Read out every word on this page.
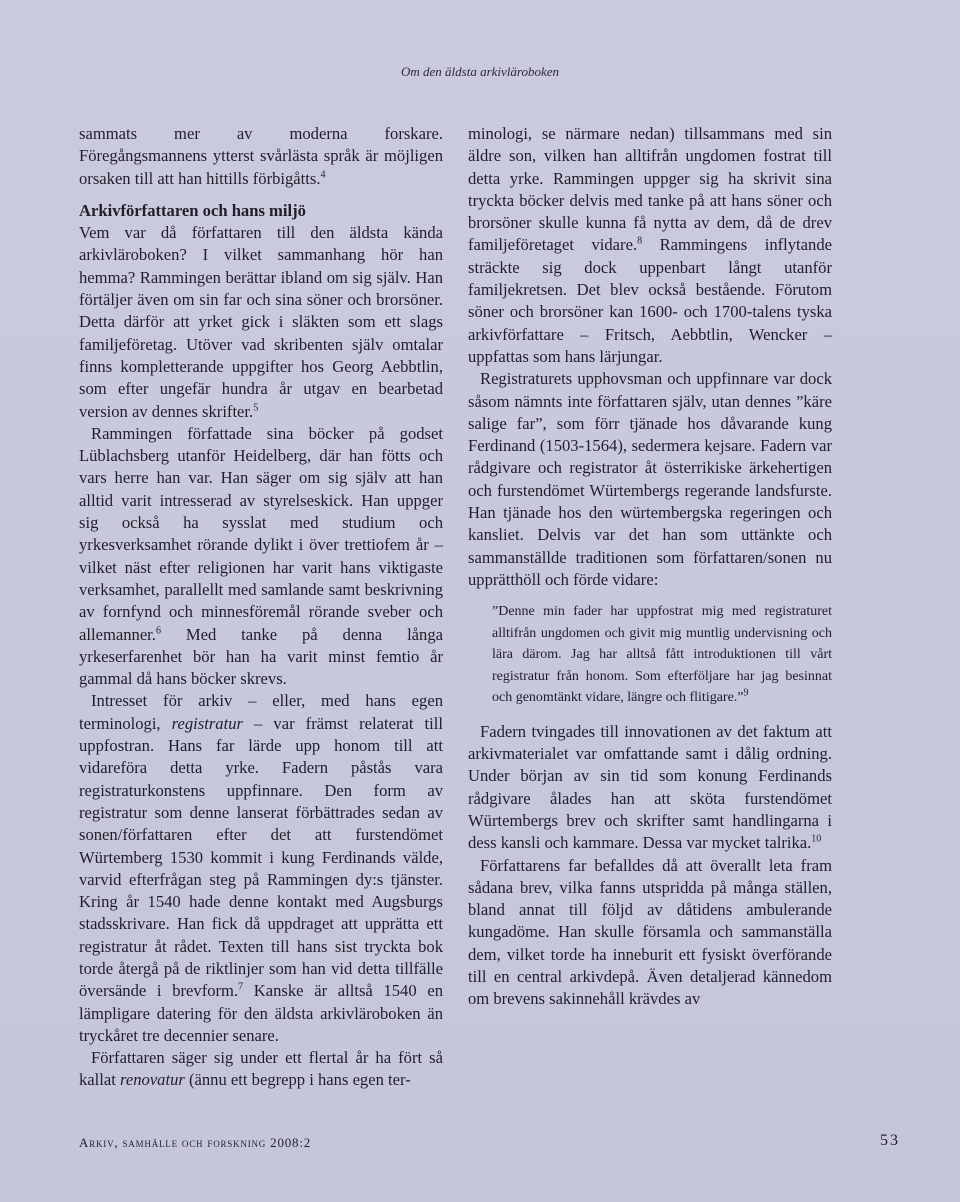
Om den äldsta arkivläroboken

sammats mer av moderna forskare. Föregångsmannens ytterst svårlästa språk är möjligen orsaken till att han hittills förbigåtts.$^4$

Arkivförfattaren och hans miljö

Vem var då författaren till den äldsta kända arkivläroboken? I vilket sammanhang hör han hemma? Rammingen berättar ibland om sig själv. Han förtäljer även om sin far och sina söner och brorsöner. Detta därför att yrket gick i släkten som ett slags familjeföretag. Utöver vad skribenten själv omtalar finns kompletterande uppgifter hos Georg Aebbtlin, som efter ungefär hundra år utgav en bearbetad version av dennes skrifter.$^5$

Rammingen författade sina böcker på godset Lüblachsberg utanför Heidelberg, där han fötts och vars herre han var. Han säger om sig själv att han alltid varit intresserad av styrelseskick. Han uppger sig också ha sysslat med studium och yrkesverksamhet rörande dylikt i över trettiofem år – vilket näst efter religionen har varit hans viktigaste verksamhet, parallellt med samlande samt beskrivning av fornfynd och minnesföremål rörande sveber och allemanner.$^6$ Med tanke på denna långa yrkeserfarenhet bör han ha varit minst femtio år gammal då hans böcker skrevs.

Intresset för arkiv – eller, med hans egen terminologi, registratur – var främst relaterat till uppfostran. Hans far lärde upp honom till att vidareföra detta yrke. Fadern påstås vara registraturkonstens uppfinnare. Den form av registratur som denne lanserat förbättrades sedan av sonen/författaren efter det att furstendömet Würtemberg 1530 kommit i kung Ferdinands välde, varvid efterfrågan steg på Rammingen dy:s tjänster. Kring år 1540 hade denne kontakt med Augsburgs stadsskrivare. Han fick då uppdraget att upprätta ett registratur åt rådet. Texten till hans sist tryckta bok torde återgå på de riktlinjer som han vid detta tillfälle översände i brevform.$^7$ Kanske är alltså 1540 en lämpligare datering för den äldsta arkivläroboken än tryckåret tre decennier senare.

Författaren säger sig under ett flertal år ha fört så kallat renovatur (ännu ett begrepp i hans egen ter-

minologi, se närmare nedan) tillsammans med sin äldre son, vilken han alltifrån ungdomen fostrat till detta yrke. Rammingen uppger sig ha skrivit sina tryckta böcker delvis med tanke på att hans söner och brorsöner skulle kunna få nytta av dem, då de drev familjeföretaget vidare.$^8$ Rammingens inflytande sträckte sig dock uppenbart långt utanför familjekretsen. Det blev också bestående. Förutom söner och brorsöner kan 1600- och 1700-talens tyska arkivförfattare – Fritsch, Aebbtlin, Wencker – uppfattas som hans lärjungar.

Registraturets upphovsman och uppfinnare var dock såsom nämnts inte författaren själv, utan dennes ”käre salige far”, som förr tjänade hos dåvarande kung Ferdinand (1503-1564), sedermera kejsare. Fadern var rådgivare och registrator åt österrikiske ärkehertigen och furstendömet Würtembergs regerande landsfurste. Han tjänade hos den würtembergska regeringen och kansliet. Delvis var det han som uttänkte och sammanställde traditionen som författaren/sonen nu upprätthöll och förde vidare:

”Denne min fader har uppfostrat mig med registraturet alltifrån ungdomen och givit mig muntlig undervisning och lära därom. Jag har alltså fått introduktionen till vårt registratur från honom. Som efterföljare har jag besinnat och genomtänkt vidare, längre och flitigare.”$^9$

Fadern tvingades till innovationen av det faktum att arkivmaterialet var omfattande samt i dålig ordning. Under början av sin tid som konung Ferdinands rådgivare ålades han att sköta furstendömet Würtembergs brev och skrifter samt handlingarna i dess kansli och kammare. Dessa var mycket talrika.$^{10}$

Författarens far befalldes då att överallt leta fram sådana brev, vilka fanns utspridda på många ställen, bland annat till följd av dåtidens ambulerande kungadöme. Han skulle församla och sammanställa dem, vilket torde ha inneburit ett fysiskt överförande till en central arkivdepå. Även detaljerad kännedom om brevens sakinnehåll krävdes av

Arkiv, samhälle och forskning 2008:2	53
